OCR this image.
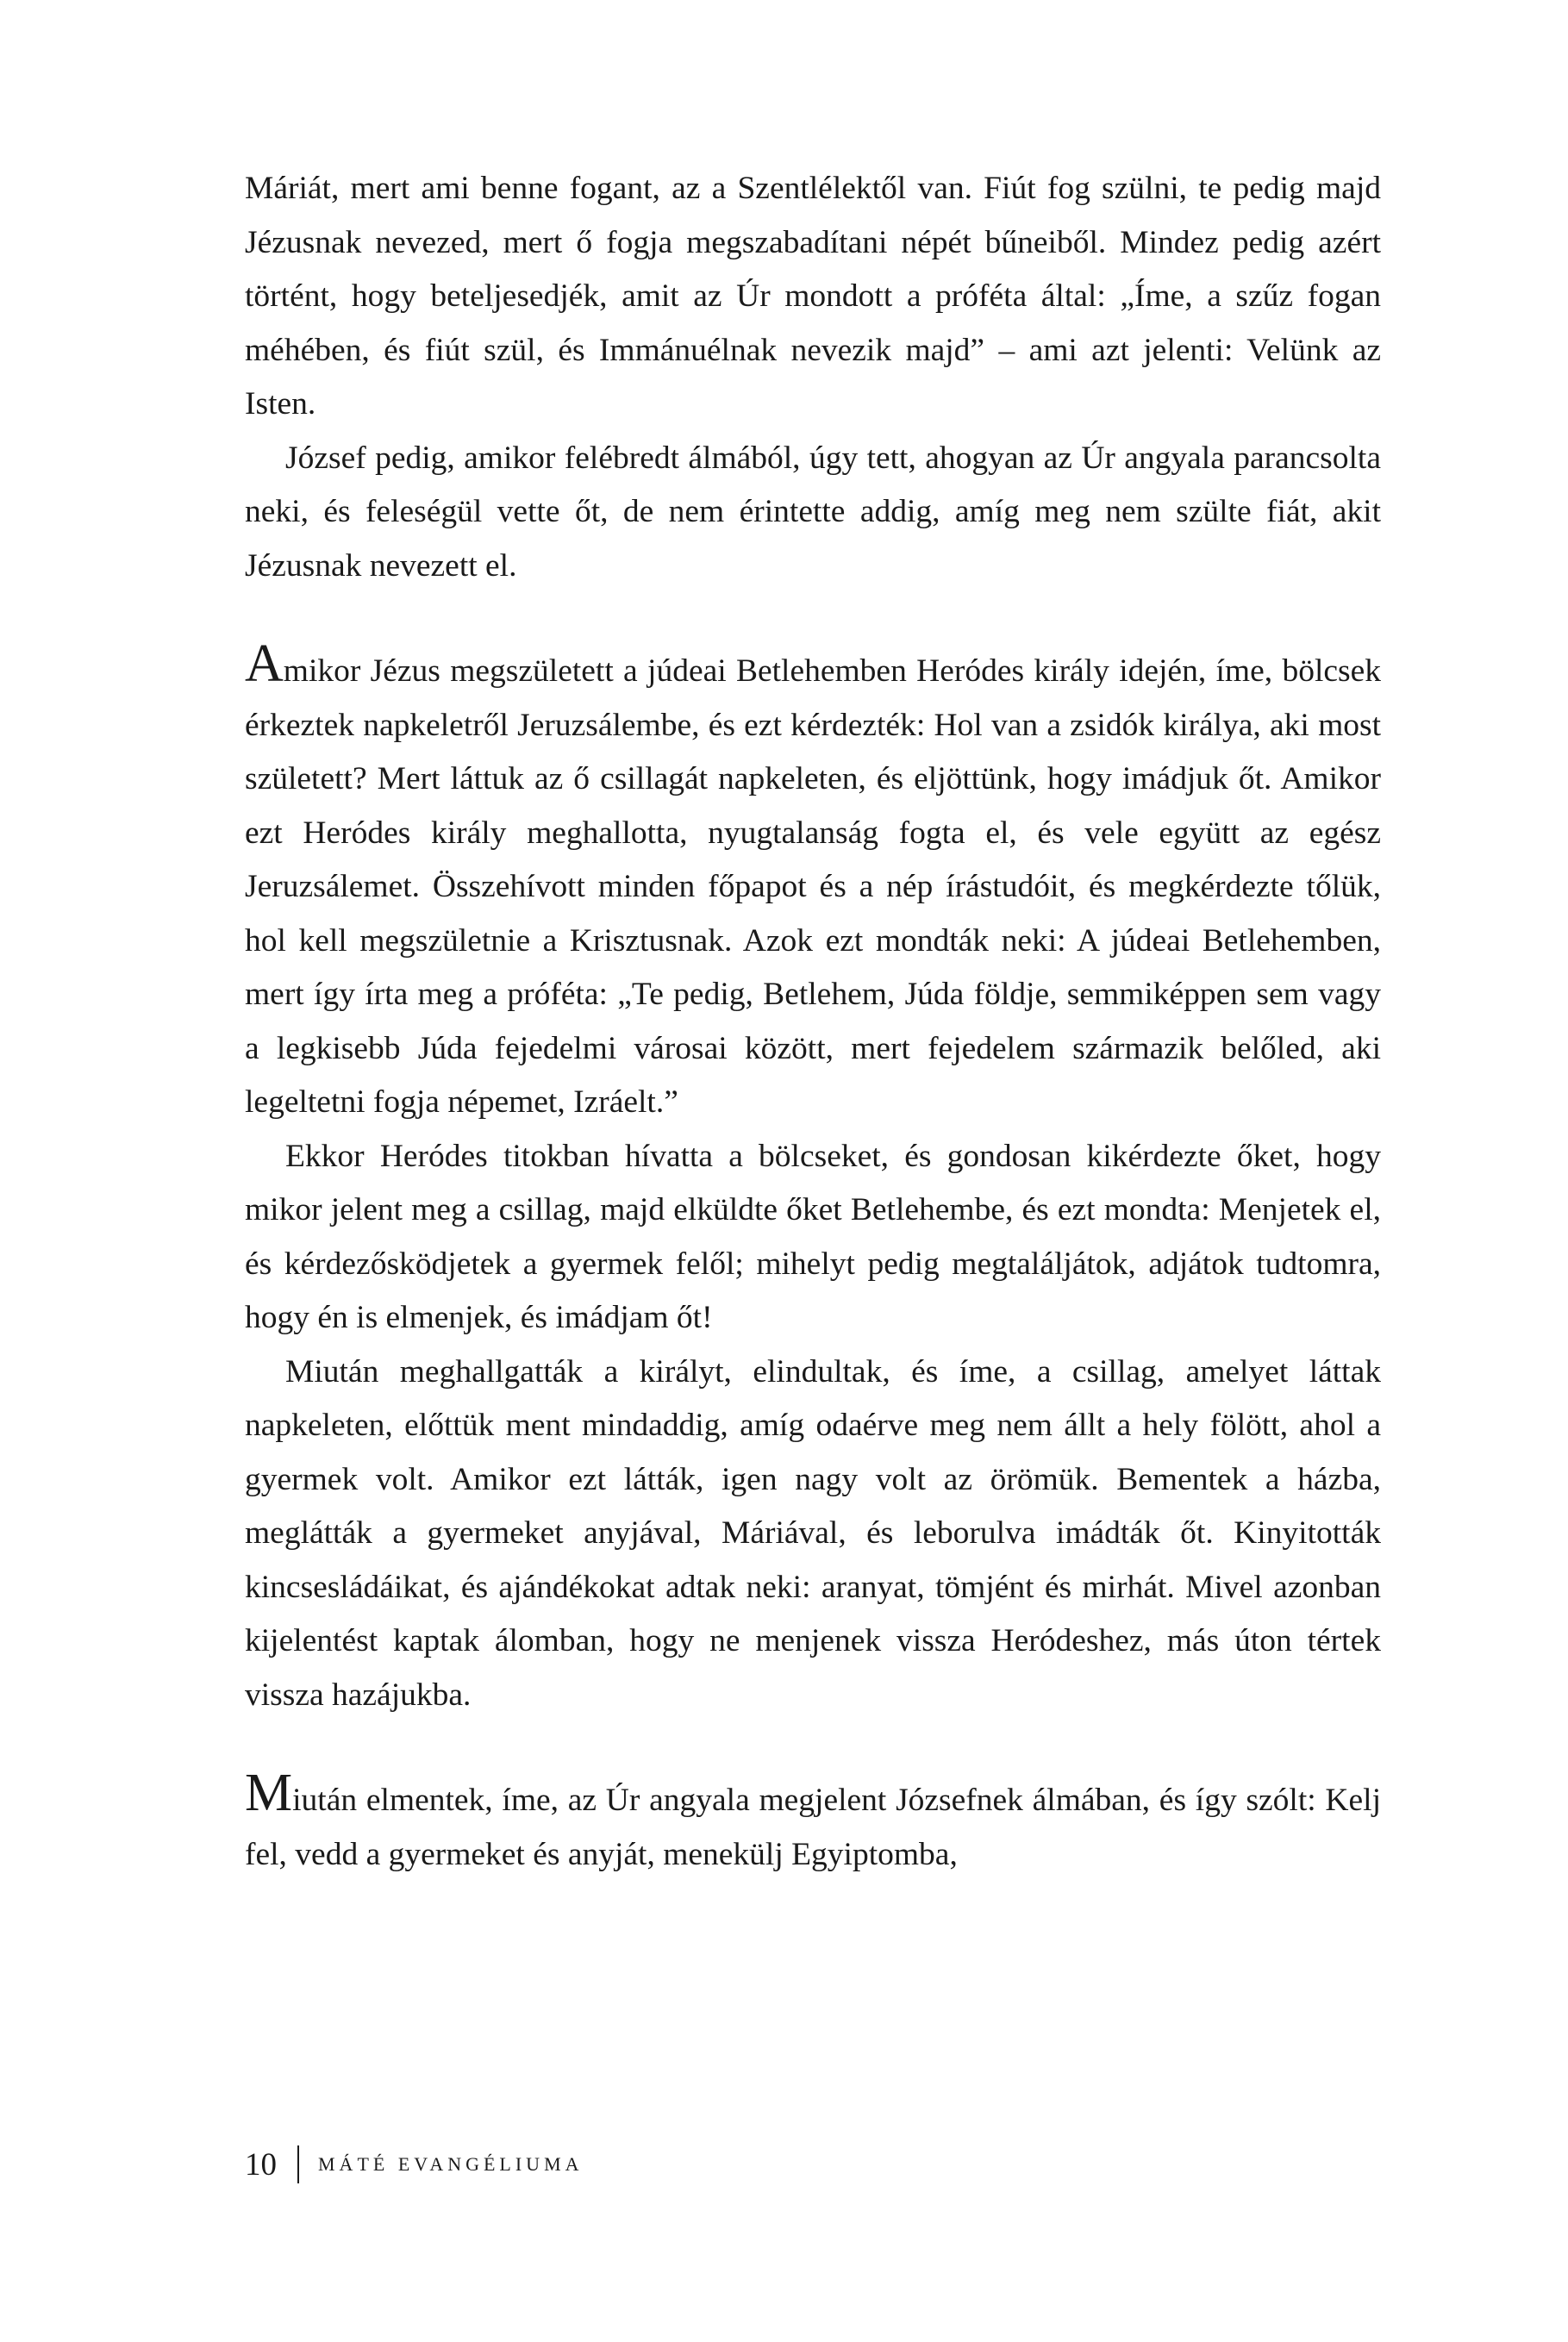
Máriát, mert ami benne fogant, az a Szentlélektől van. Fiút fog szülni, te pedig majd Jézusnak nevezed, mert ő fogja megszabadítani népét bűneiből. Mindez pedig azért történt, hogy beteljesedjék, amit az Úr mondott a próféta által: „Íme, a szűz fogan méhében, és fiút szül, és Immánuélnak nevezik majd” – ami azt jelenti: Velünk az Isten.

József pedig, amikor felébredt álmából, úgy tett, ahogyan az Úr angyala parancsolta neki, és feleségül vette őt, de nem érintette addig, amíg meg nem szülte fiát, akit Jézusnak nevezett el.

Amikor Jézus megszületett a júdeai Betlehemben Heródes király idején, íme, bölcsek érkeztek napkeletről Jeruzsálembe, és ezt kérdezték: Hol van a zsidók királya, aki most született? Mert láttuk az ő csillagát napkeleten, és eljöttünk, hogy imádjuk őt. Amikor ezt Heródes király meghallotta, nyugtalanság fogta el, és vele együtt az egész Jeruzsálemet. Összehívott minden főpapot és a nép írástudóit, és megkérdezte tőlük, hol kell megszületnie a Krisztusnak. Azok ezt mondták neki: A júdeai Betlehemben, mert így írta meg a próféta: „Te pedig, Betlehem, Júda földje, semmiképpen sem vagy a legkisebb Júda fejedelmi városai között, mert fejedelem származik belőled, aki legeltetni fogja népemet, Izráelt.”

Ekkor Heródes titokban hívatta a bölcseket, és gondosan kikérdezte őket, hogy mikor jelent meg a csillag, majd elküldte őket Betlehembe, és ezt mondta: Menjetek el, és kérdezősködjetek a gyermek felől; mihelyt pedig megtaláljátok, adjátok tudtomra, hogy én is elmenjek, és imádjam őt!

Miután meghallgatták a királyt, elindultak, és íme, a csillag, amelyet láttak napkeleten, előttük ment mindaddig, amíg odaérve meg nem állt a hely fölött, ahol a gyermek volt. Amikor ezt látták, igen nagy volt az örömük. Bementek a házba, meglátták a gyermeket anyjával, Máriával, és leborulva imádták őt. Kinyitották kincsesládáikat, és ajándékokat adtak neki: aranyat, tömjént és mirhát. Mivel azonban kijelentést kaptak álomban, hogy ne menjenek vissza Heródeshez, más úton tértek vissza hazájukba.

Miután elmentek, íme, az Úr angyala megjelent Józsefnek álmában, és így szólt: Kelj fel, vedd a gyermeket és anyját, menekülj Egyiptomba,

10 MÁTÉ EVANGÉLIUMA
